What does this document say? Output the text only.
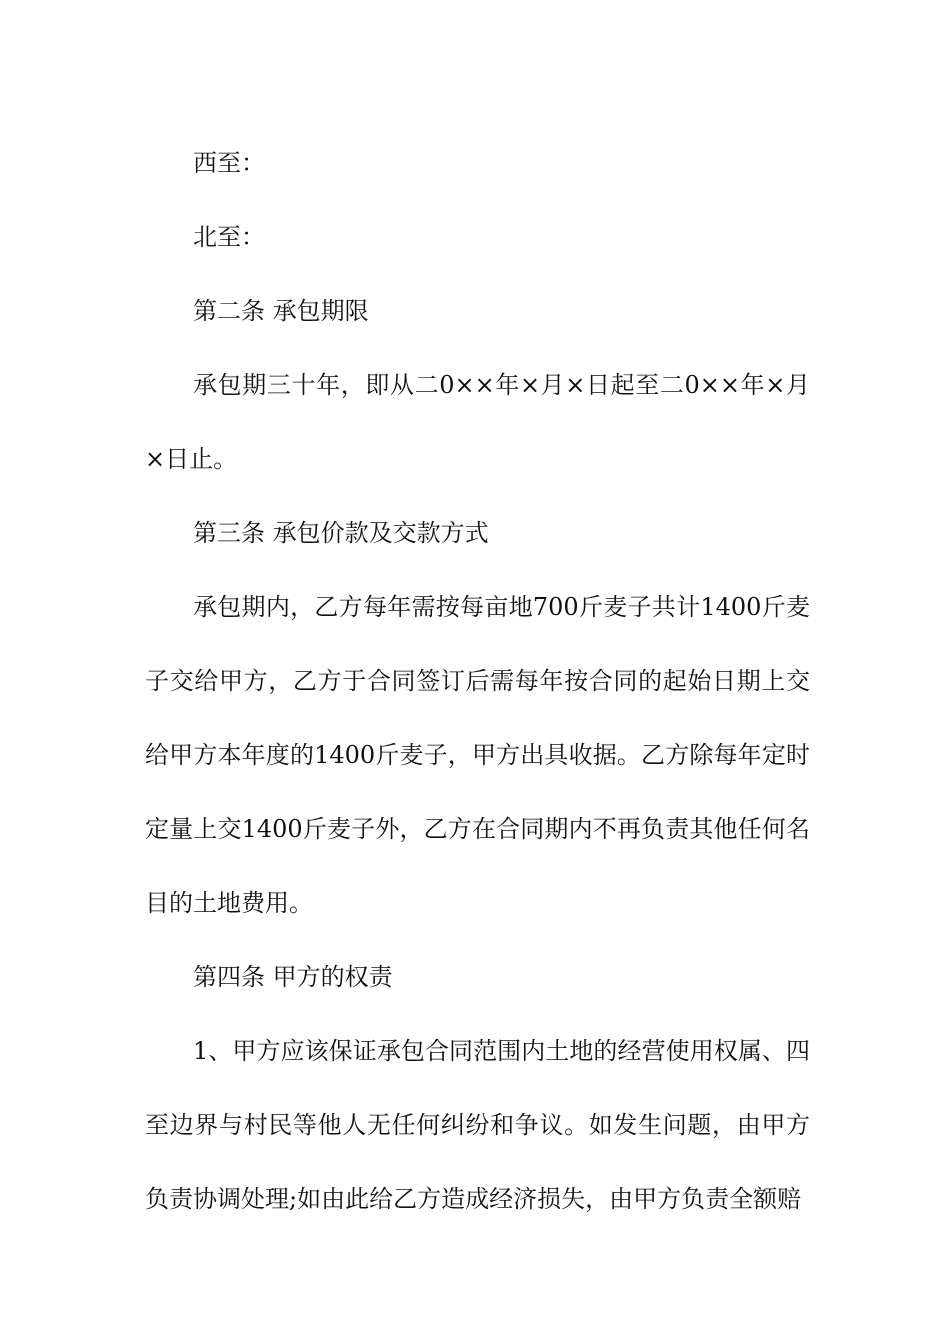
西至：

北至：

第二条 承包期限

承包期三十年，即从二0××年×月×日起至二0××年×月×日止。

第三条 承包价款及交款方式

承包期内，乙方每年需按每亩地700斤麦子共计1400斤麦子交给甲方，乙方于合同签订后需每年按合同的起始日期上交给甲方本年度的1400斤麦子，甲方出具收据。乙方除每年定时定量上交1400斤麦子外，乙方在合同期内不再负责其他任何名目的土地费用。

第四条 甲方的权责

1、甲方应该保证承包合同范围内土地的经营使用权属、四至边界与村民等他人无任何纠纷和争议。如发生问题，由甲方负责协调处理;如由此给乙方造成经济损失，由甲方负责全额赔
